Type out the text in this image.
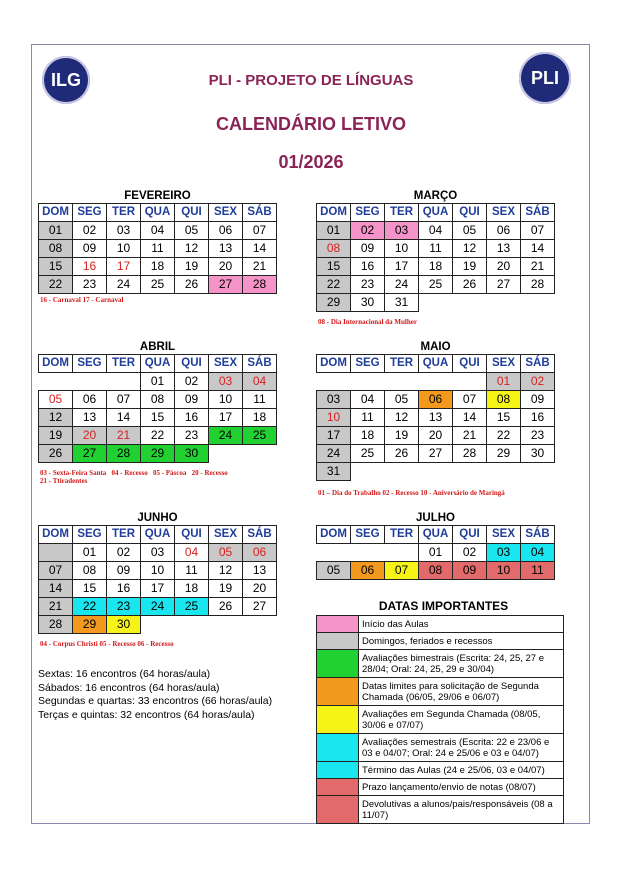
ILG	PLI
PLI - PROJETO DE LÍNGUAS
CALENDÁRIO LETIVO
01/2026
FEVEREIRO
DOM	SEG	TER	QUA	QUI	SEX	SÁB
01	02	03	04	05	06	07
08	09	10	11	12	13	14
15	16	17	18	19	20	21
22	23	24	25	26	27	28
MARÇO
DOM	SEG	TER	QUA	QUI	SEX	SÁB
01	02	03	04	05	06	07
08	09	10	11	12	13	14
15	16	17	18	19	20	21
22	23	24	25	26	27	28
29	30	31				
ABRIL
DOM	SEG	TER	QUA	QUI	SEX	SÁB
			01	02	03	04
05	06	07	08	09	10	11
12	13	14	15	16	17	18
19	20	21	22	23	24	25
26	27	28	29	30		
MAIO
DOM	SEG	TER	QUA	QUI	SEX	SÁB
					01	02
03	04	05	06	07	08	09
10	11	12	13	14	15	16
17	18	19	20	21	22	23
24	25	26	27	28	29	30
31						
JUNHO
DOM	SEG	TER	QUA	QUI	SEX	SÁB
	01	02	03	04	05	06
07	08	09	10	11	12	13
14	15	16	17	18	19	20
21	22	23	24	25	26	27
28	29	30				
JULHO
DOM	SEG	TER	QUA	QUI	SEX	SÁB
			01	02	03	04
05	06	07	08	09	10	11
16 - Carnaval 17 - Carnaval
08 - Dia Internacional da Mulher
03 - Sexta-Feira Santa   04 - Recesso   05 - Páscoa   20 - Recesso
21 - Ttiradentes
01 – Dia do Trabalho 02 - Recesso 10 - Aniversário de Maringá
04 - Corpus Christi 05 - Recesso 06 - Recesso
Sextas: 16 encontros (64 horas/aula)
Sábados: 16 encontros (64 horas/aula)
Segundas e quartas: 33 encontros (66 horas/aula)
Terças e quintas: 32 encontros (64 horas/aula)
DATAS IMPORTANTES
	Início das Aulas
	Domingos, feriados e recessos
	Avaliações bimestrais (Escrita: 24, 25, 27 e 28/04; Oral: 24, 25, 29 e 30/04)
	Datas limites para solicitação de Segunda Chamada (06/05, 29/06 e 06/07)
	Avaliações em Segunda Chamada (08/05, 30/06 e 07/07)
	Avaliações semestrais (Escrita: 22 e 23/06 e 03 e 04/07; Oral: 24 e 25/06 e 03 e 04/07)
	Término das Aulas (24 e 25/06, 03 e 04/07)
	Prazo lançamento/envio de notas (08/07)
	Devolutivas a alunos/pais/responsáveis (08 a 11/07)
